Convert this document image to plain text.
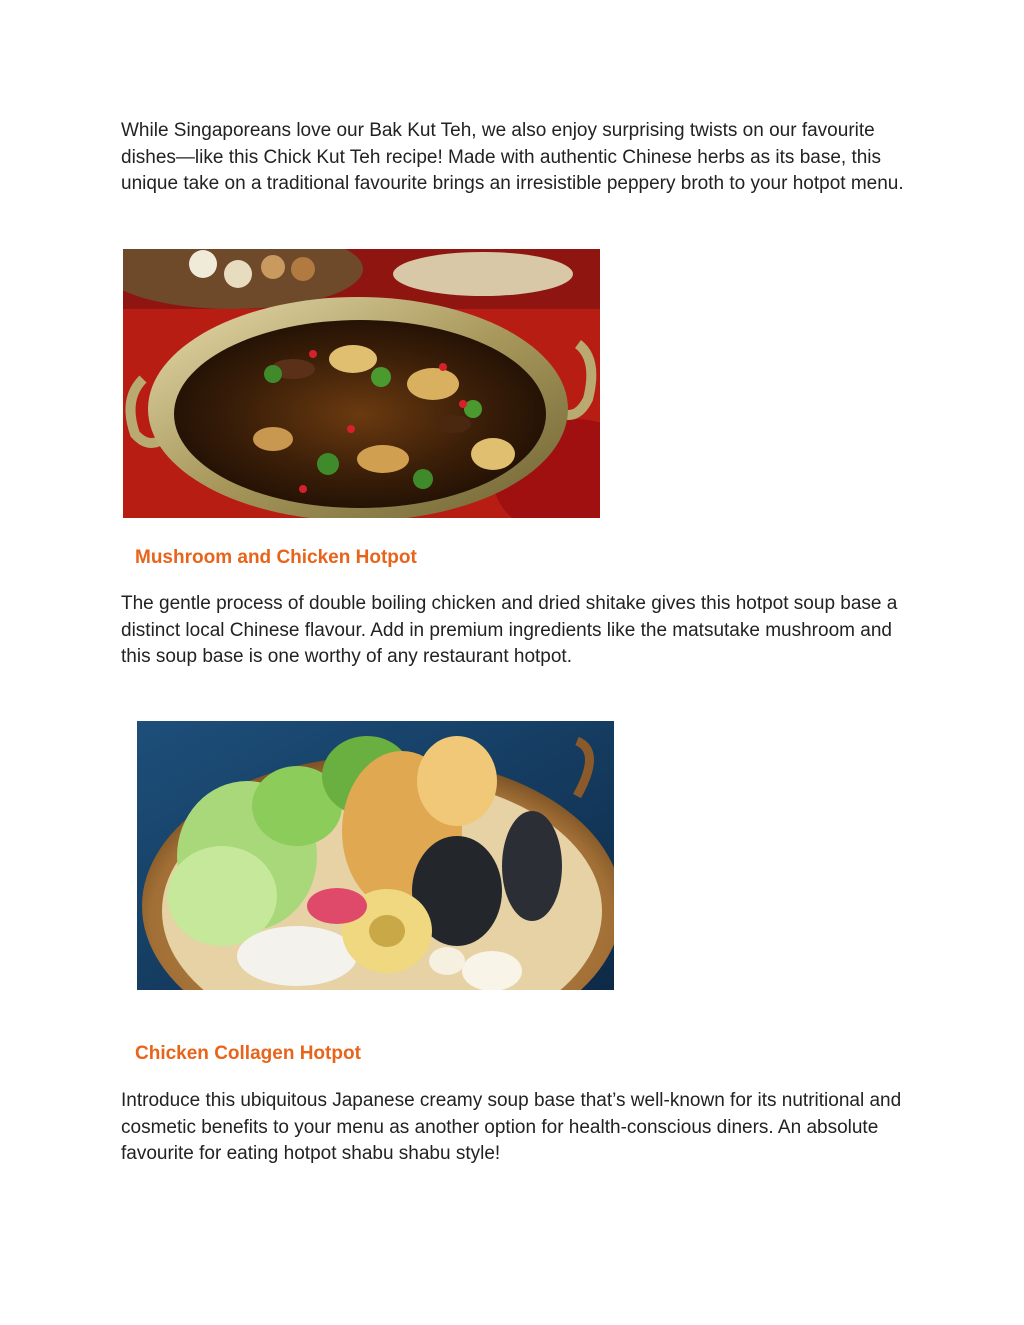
While Singaporeans love our Bak Kut Teh, we also enjoy surprising twists on our favourite dishes—like this Chick Kut Teh recipe! Made with authentic Chinese herbs as its base, this unique take on a traditional favourite brings an irresistible peppery broth to your hotpot menu.

Mushroom and Chicken Hotpot

The gentle process of double boiling chicken and dried shitake gives this hotpot soup base a distinct local Chinese flavour. Add in premium ingredients like the matsutake mushroom and this soup base is one worthy of any restaurant hotpot.

Chicken Collagen Hotpot

Introduce this ubiquitous Japanese creamy soup base that’s well-known for its nutritional and cosmetic benefits to your menu as another option for health-conscious diners. An absolute favourite for eating hotpot shabu shabu style!
